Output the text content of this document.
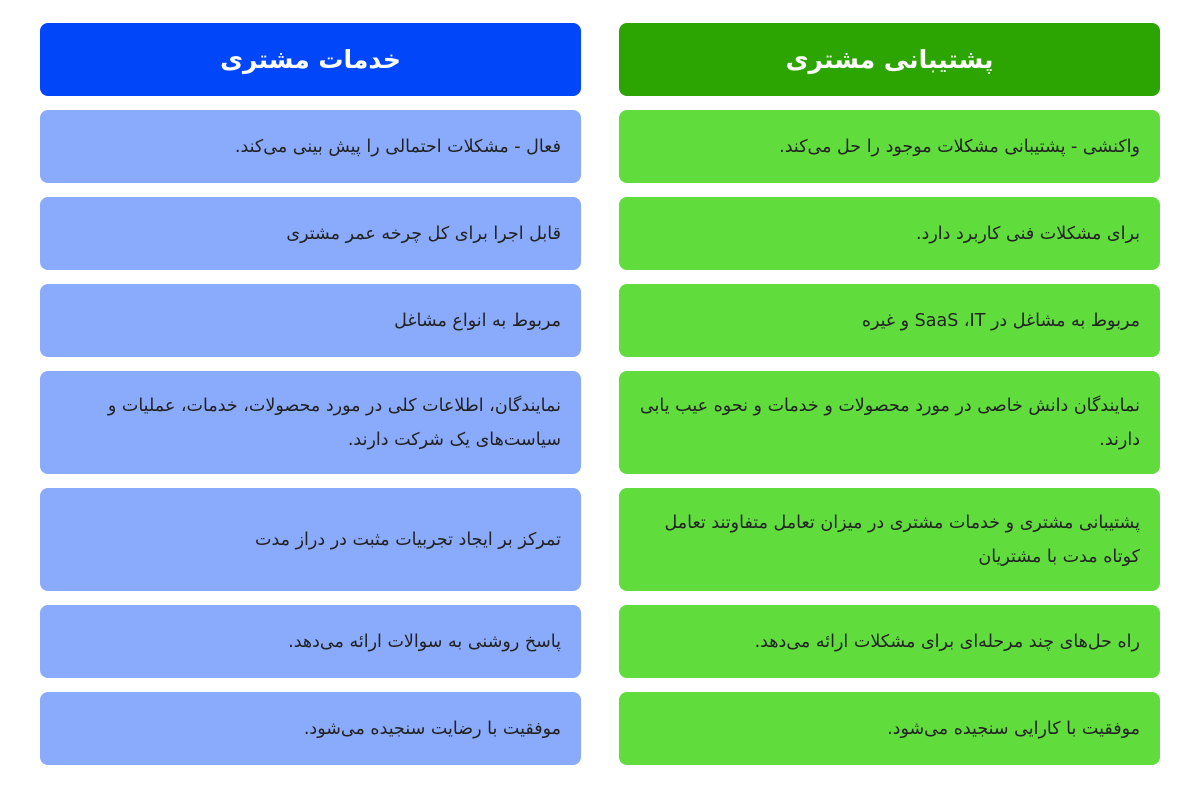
پشتیبانی مشتری
واکنشی - پشتیبانی مشکلات موجود را حل می‌کند.
برای مشکلات فنی کاربرد دارد.
مربوط به مشاغل در SaaS ،IT و غیره
نمایندگان دانش خاصی در مورد محصولات و خدمات و نحوه عیب یابی دارند.
پشتیبانی مشتری و خدمات مشتری در میزان تعامل متفاوتند تعامل کوتاه مدت با مشتریان
راه حل‌های چند مرحله‌ای برای مشکلات ارائه می‌دهد.
موفقیت با کارایی سنجیده می‌شود.
خدمات مشتری
فعال - مشکلات احتمالی را پیش بینی می‌کند.
قابل اجرا برای کل چرخه عمر مشتری
مربوط به انواع مشاغل
نمایندگان، اطلاعات کلی در مورد محصولات، خدمات، عملیات و سیاست‌های یک شرکت دارند.
تمرکز بر ایجاد تجربیات مثبت در دراز مدت
پاسخ روشنی به سوالات ارائه می‌دهد.
موفقیت با رضایت سنجیده می‌شود.
